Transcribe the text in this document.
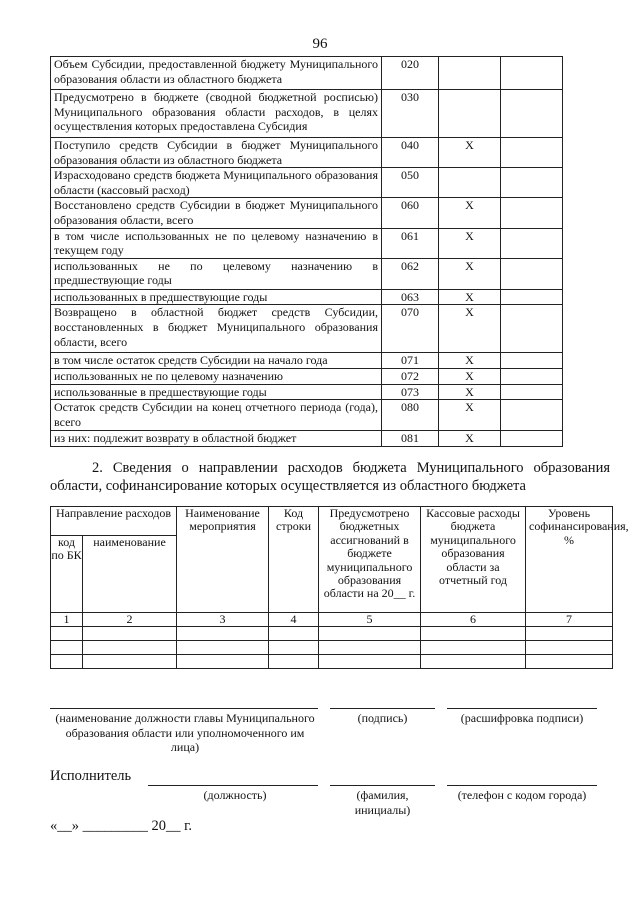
96
Объем Субсидии, предоставленной бюджету Муниципального образования области из областного бюджета	020		
Предусмотрено в бюджете (сводной бюджетной росписью) Муниципального образования области расходов, в целях осуществления которых предоставлена Субсидия	030		
Поступило средств Субсидии в бюджет Муниципального образования области из областного бюджета	040	X	
Израсходовано средств бюджета Муниципального образования области (кассовый расход)	050		
Восстановлено средств Субсидии в бюджет Муниципального образования области, всего	060	X	
в том числе использованных не по целевому назначению в текущем году	061	X	
использованных не по целевому назначению в предшествующие годы	062	X	
использованных в предшествующие годы	063	X	
Возвращено в областной бюджет средств Субсидии, восстановленных в бюджет Муниципального образования области, всего	070	X	
в том числе остаток средств Субсидии на начало года	071	X	
использованных не по целевому назначению	072	X	
использованные в предшествующие годы	073	X	
Остаток средств Субсидии на конец отчетного периода (года), всего	080	X	
из них: подлежит возврату в областной бюджет	081	X	
2. Сведения о направлении расходов бюджета Муниципального образования области, софинансирование которых осуществляется из областного бюджета
Направление расходов		Наименование мероприятия	Код строки	Предусмотрено бюджетных ассигнований в бюджете муниципального образования области на 20__ г.	Кассовые расходы бюджета муниципального образования области за отчетный год	Уровень софинансирования, %
код по БК	наименование					
1	2	3	4	5	6	7

(наименование должности главы Муниципального образования области или уполномоченного им лица)
(подпись)	(расшифровка подписи)
Исполнитель
(должность)	(фамилия, инициалы)
(телефон с кодом города)
«__» _________ 20__ г.
